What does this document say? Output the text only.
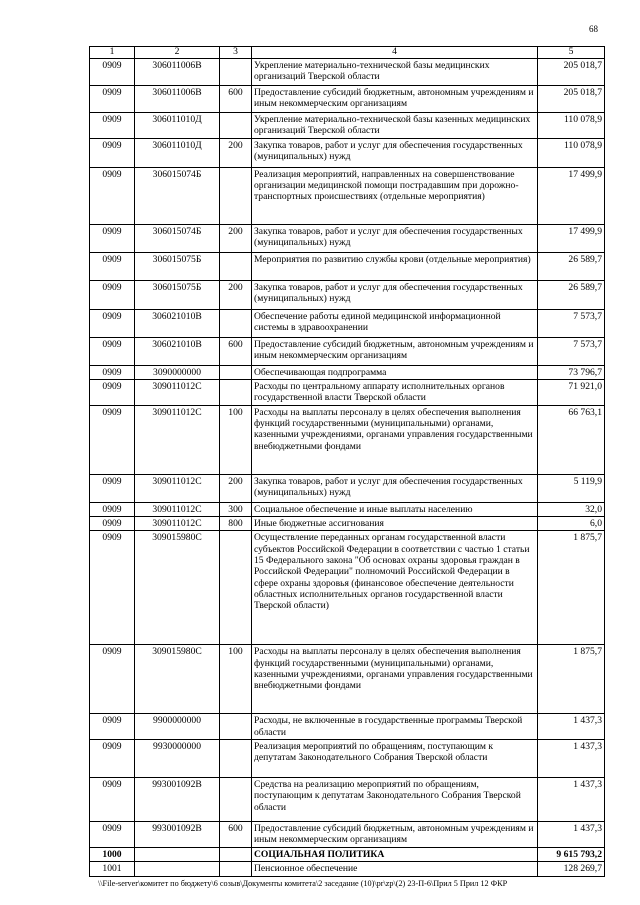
68
1	2	3	4	5
0909	306011006В		Укрепление материально-технической базы медицинских организаций Тверской области	205 018,7
0909	306011006В	600	Предоставление субсидий бюджетным, автономным учреждениям и иным некоммерческим организациям	205 018,7
0909	306011010Д		Укрепление материально-технической базы казенных медицинских организаций Тверской области	110 078,9
0909	306011010Д	200	Закупка товаров, работ и услуг для обеспечения государственных (муниципальных) нужд	110 078,9
0909	306015074Б		Реализация мероприятий, направленных на совершенствование организации медицинской помощи пострадавшим при дорожно-транспортных происшествиях (отдельные мероприятия)	17 499,9
0909	306015074Б	200	Закупка товаров, работ и услуг для обеспечения государственных (муниципальных) нужд	17 499,9
0909	306015075Б		Мероприятия по развитию службы крови (отдельные мероприятия)	26 589,7
0909	306015075Б	200	Закупка товаров, работ и услуг для обеспечения государственных (муниципальных) нужд	26 589,7
0909	306021010В		Обеспечение работы единой медицинской информационной системы в здравоохранении	7 573,7
0909	306021010В	600	Предоставление субсидий бюджетным, автономным учреждениям и иным некоммерческим организациям	7 573,7
0909	3090000000		Обеспечивающая подпрограмма	73 796,7
0909	309011012С		Расходы по центральному аппарату исполнительных органов государственной власти Тверской области	71 921,0
0909	309011012С	100	Расходы на выплаты персоналу в целях обеспечения выполнения функций государственными (муниципальными) органами, казенными учреждениями, органами управления государственными внебюджетными фондами	66 763,1
0909	309011012С	200	Закупка товаров, работ и услуг для обеспечения государственных (муниципальных) нужд	5 119,9
0909	309011012С	300	Социальное обеспечение и иные выплаты населению	32,0
0909	309011012С	800	Иные бюджетные ассигнования	6,0
0909	309015980С		Осуществление переданных органам государственной власти субъектов Российской Федерации в соответствии с частью 1 статьи 15 Федерального закона "Об основах охраны здоровья граждан в Российской Федерации" полномочий Российской Федерации в сфере охраны здоровья (финансовое обеспечение деятельности областных исполнительных органов государственной власти Тверской области)	1 875,7
0909	309015980С	100	Расходы на выплаты персоналу в целях обеспечения выполнения функций государственными (муниципальными) органами, казенными учреждениями, органами управления государственными внебюджетными фондами	1 875,7
0909	9900000000		Расходы, не включенные в государственные программы Тверской области	1 437,3
0909	9930000000		Реализация мероприятий по обращениям, поступающим к депутатам Законодательного Собрания Тверской области	1 437,3
0909	993001092В		Средства на реализацию мероприятий по обращениям, поступающим к депутатам Законодательного Собрания Тверской области	1 437,3
0909	993001092В	600	Предоставление субсидий бюджетным, автономным учреждениям и иным некоммерческим организациям	1 437,3
1000			СОЦИАЛЬНАЯ ПОЛИТИКА	9 615 793,2
1001			Пенсионное обеспечение	128 269,7
\\File-server\комитет по бюджету\6 созыв\Документы комитета\2 заседание (10)\pr\zp\(2) 23-П-6\Прил 5 Прил 12 ФКР
